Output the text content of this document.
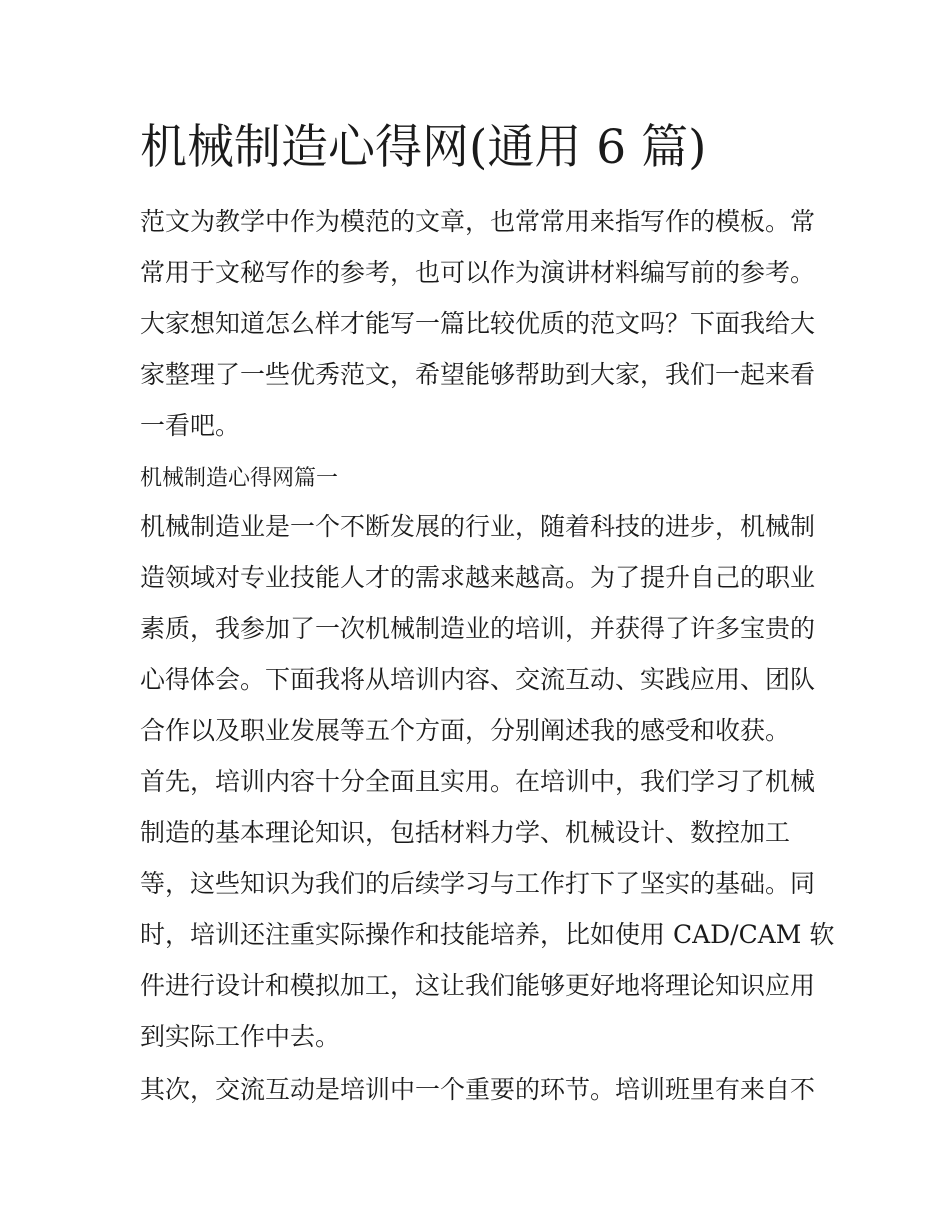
机械制造心得网(通用 6 篇)

范文为教学中作为模范的文章，也常常用来指写作的模板。常

常用于文秘写作的参考，也可以作为演讲材料编写前的参考。

大家想知道怎么样才能写一篇比较优质的范文吗？下面我给大

家整理了一些优秀范文，希望能够帮助到大家，我们一起来看

一看吧。

机械制造心得网篇一

机械制造业是一个不断发展的行业，随着科技的进步，机械制

造领域对专业技能人才的需求越来越高。为了提升自己的职业

素质，我参加了一次机械制造业的培训，并获得了许多宝贵的

心得体会。下面我将从培训内容、交流互动、实践应用、团队

合作以及职业发展等五个方面，分别阐述我的感受和收获。

首先，培训内容十分全面且实用。在培训中，我们学习了机械

制造的基本理论知识，包括材料力学、机械设计、数控加工

等，这些知识为我们的后续学习与工作打下了坚实的基础。同

时，培训还注重实际操作和技能培养，比如使用 CAD/CAM 软

件进行设计和模拟加工，这让我们能够更好地将理论知识应用

到实际工作中去。

其次，交流互动是培训中一个重要的环节。培训班里有来自不
